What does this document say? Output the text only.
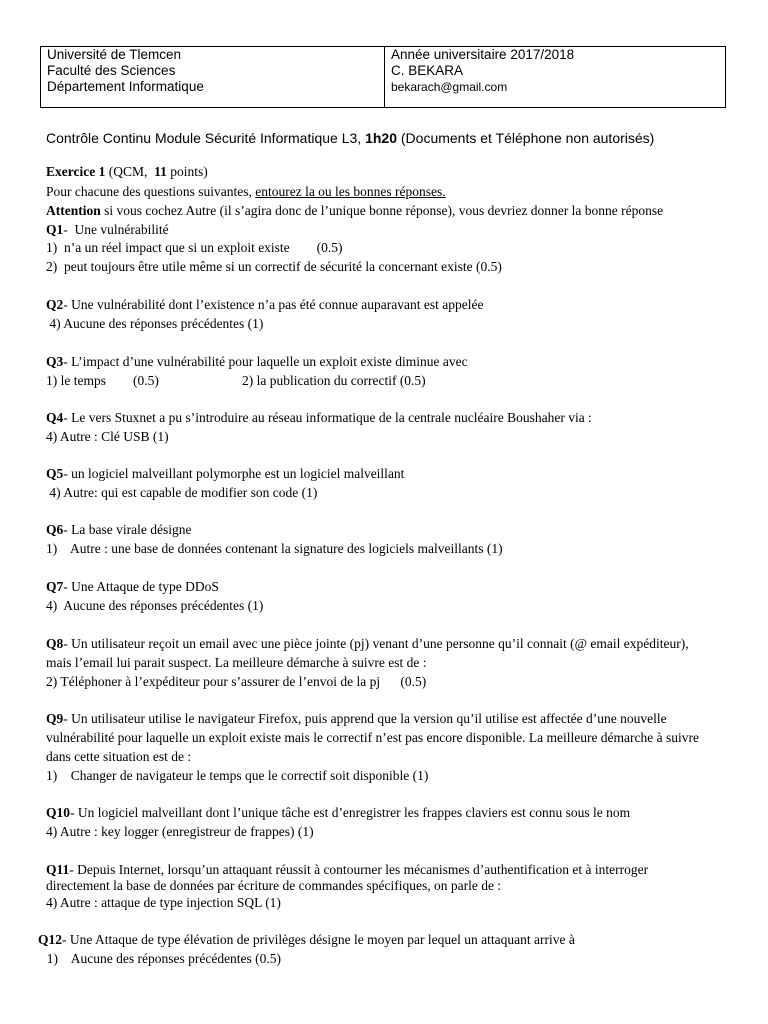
Université de Tlemcen
Faculté des Sciences
Département Informatique
Année universitaire 2017/2018
C. BEKARA
bekarach@gmail.com
Contrôle Continu Module Sécurité Informatique L3, 1h20 (Documents et Téléphone non autorisés)
Exercice 1 (QCM,  11 points)
Pour chacune des questions suivantes, entourez la ou les bonnes réponses.
Attention si vous cochez Autre (il s’agira donc de l’unique bonne réponse), vous devriez donner la bonne réponse
Q1-  Une vulnérabilité
1)  n’a un réel impact que si un exploit existe        (0.5)
2)  peut toujours être utile même si un correctif de sécurité la concernant existe (0.5)
Q2- Une vulnérabilité dont l’existence n’a pas été connue auparavant est appelée
4) Aucune des réponses précédentes (1)
Q3- L’impact d’une vulnérabilité pour laquelle un exploit existe diminue avec
1) le temps        (0.5)	2) la publication du correctif (0.5)
Q4- Le vers Stuxnet a pu s’introduire au réseau informatique de la centrale nucléaire Boushaher via :
4) Autre : Clé USB (1)
Q5- un logiciel malveillant polymorphe est un logiciel malveillant
4) Autre: qui est capable de modifier son code (1)
Q6- La base virale désigne
1)    Autre : une base de données contenant la signature des logiciels malveillants (1)
Q7- Une Attaque de type DDoS
4)  Aucune des réponses précédentes (1)
Q8- Un utilisateur reçoit un email avec une pièce jointe (pj) venant d’une personne qu’il connait (@ email expéditeur),
mais l’email lui parait suspect. La meilleure démarche à suivre est de :
2) Téléphoner à l’expéditeur pour s’assurer de l’envoi de la pj      (0.5)
Q9- Un utilisateur utilise le navigateur Firefox, puis apprend que la version qu’il utilise est affectée d’une nouvelle
vulnérabilité pour laquelle un exploit existe mais le correctif n’est pas encore disponible. La meilleure démarche à suivre
dans cette situation est de :
1)    Changer de navigateur le temps que le correctif soit disponible (1)
Q10- Un logiciel malveillant dont l’unique tâche est d’enregistrer les frappes claviers est connu sous le nom
4) Autre : key logger (enregistreur de frappes) (1)
Q11- Depuis Internet, lorsqu’un attaquant réussit à contourner les mécanismes d’authentification et à interroger
directement la base de données par écriture de commandes spécifiques, on parle de :
4) Autre : attaque de type injection SQL (1)
Q12- Une Attaque de type élévation de privilèges désigne le moyen par lequel un attaquant arrive à
1)    Aucune des réponses précédentes (0.5)
